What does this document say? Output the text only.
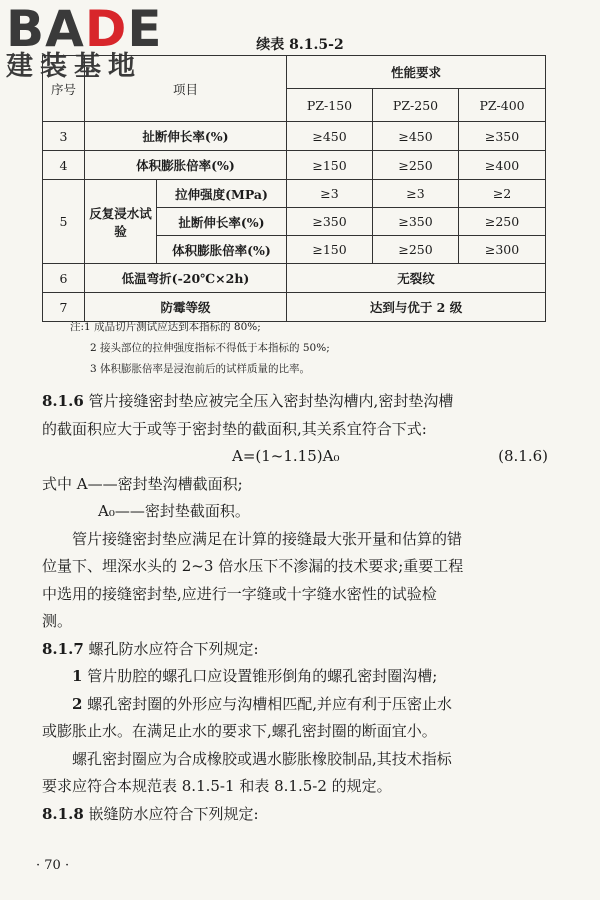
BADE
建装基地
续表 8.1.5-2
序号	项目		性能要求		
			PZ-150	PZ-250	PZ-400
3	扯断伸长率(%)		≥450	≥450	≥350
4	体积膨胀倍率(%)		≥150	≥250	≥400
5	反复浸水试验	拉伸强度(MPa)	≥3	≥3	≥2
		扯断伸长率(%)	≥350	≥350	≥250
		体积膨胀倍率(%)	≥150	≥250	≥300
6	低温弯折(-20℃×2h)		无裂纹		
7	防霉等级		达到与优于 2 级		
注:1 成品切片测试应达到本指标的 80%;
2 接头部位的拉伸强度指标不得低于本指标的 50%;
3 体积膨胀倍率是浸泡前后的试样质量的比率。

8.1.6 管片接缝密封垫应被完全压入密封垫沟槽内,密封垫沟槽

的截面积应大于或等于密封垫的截面积,其关系宜符合下式:

A=(1~1.15)A₀	(8.1.6)

式中 A——密封垫沟槽截面积;

A₀——密封垫截面积。

管片接缝密封垫应满足在计算的接缝最大张开量和估算的错

位量下、埋深水头的 2~3 倍水压下不渗漏的技术要求;重要工程

中选用的接缝密封垫,应进行一字缝或十字缝水密性的试验检

测。

8.1.7 螺孔防水应符合下列规定:

1 管片肋腔的螺孔口应设置锥形倒角的螺孔密封圈沟槽;

2 螺孔密封圈的外形应与沟槽相匹配,并应有利于压密止水

或膨胀止水。在满足止水的要求下,螺孔密封圈的断面宜小。

螺孔密封圈应为合成橡胶或遇水膨胀橡胶制品,其技术指标

要求应符合本规范表 8.1.5-1 和表 8.1.5-2 的规定。

8.1.8 嵌缝防水应符合下列规定:

· 70 ·
